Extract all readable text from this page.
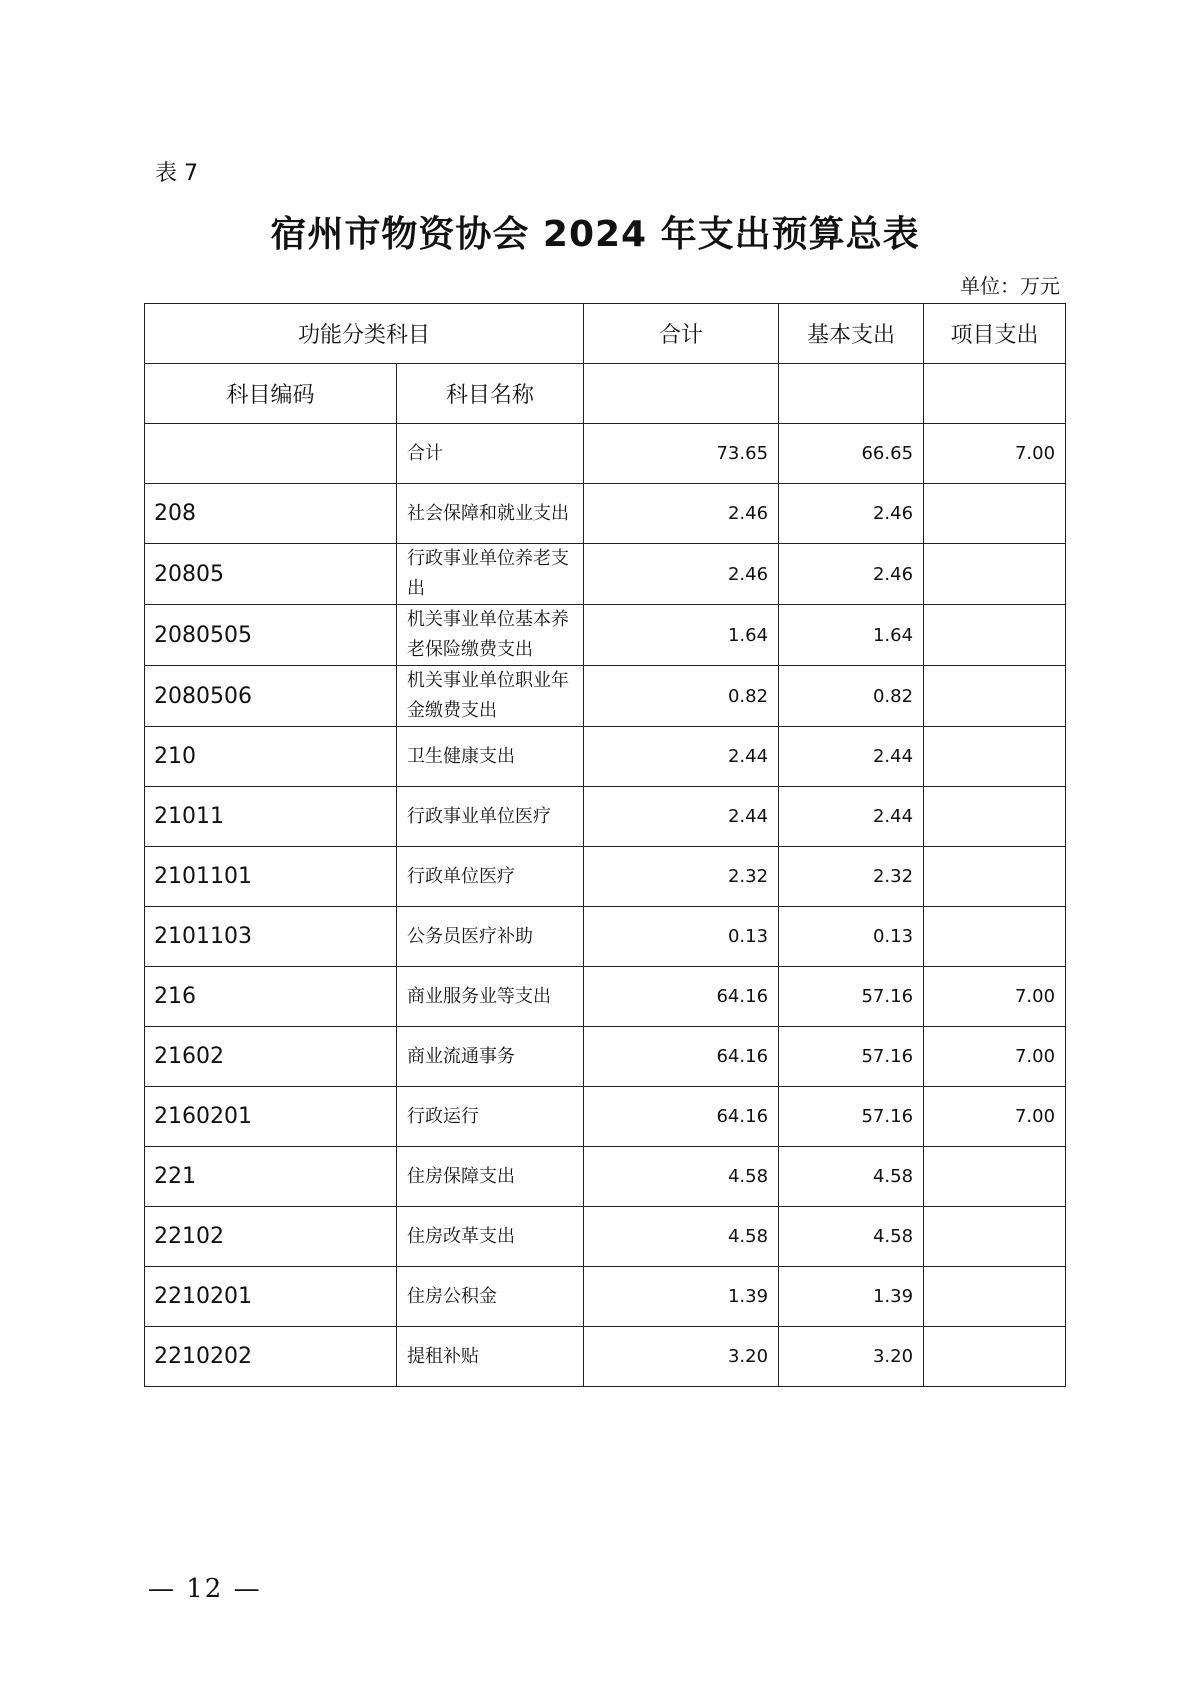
表 7
宿州市物资协会 2024 年支出预算总表
单位：万元
功能分类科目		合计	基本支出	项目支出
科目编码	科目名称			
	合计	73.65	66.65	7.00
208	社会保障和就业支出	2.46	2.46	
20805	行政事业单位养老支出	2.46	2.46	
2080505	机关事业单位基本养老保险缴费支出	1.64	1.64	
2080506	机关事业单位职业年金缴费支出	0.82	0.82	
210	卫生健康支出	2.44	2.44	
21011	行政事业单位医疗	2.44	2.44	
2101101	行政单位医疗	2.32	2.32	
2101103	公务员医疗补助	0.13	0.13	
216	商业服务业等支出	64.16	57.16	7.00
21602	商业流通事务	64.16	57.16	7.00
2160201	行政运行	64.16	57.16	7.00
221	住房保障支出	4.58	4.58	
22102	住房改革支出	4.58	4.58	
2210201	住房公积金	1.39	1.39	
2210202	提租补贴	3.20	3.20	
— 12 —
